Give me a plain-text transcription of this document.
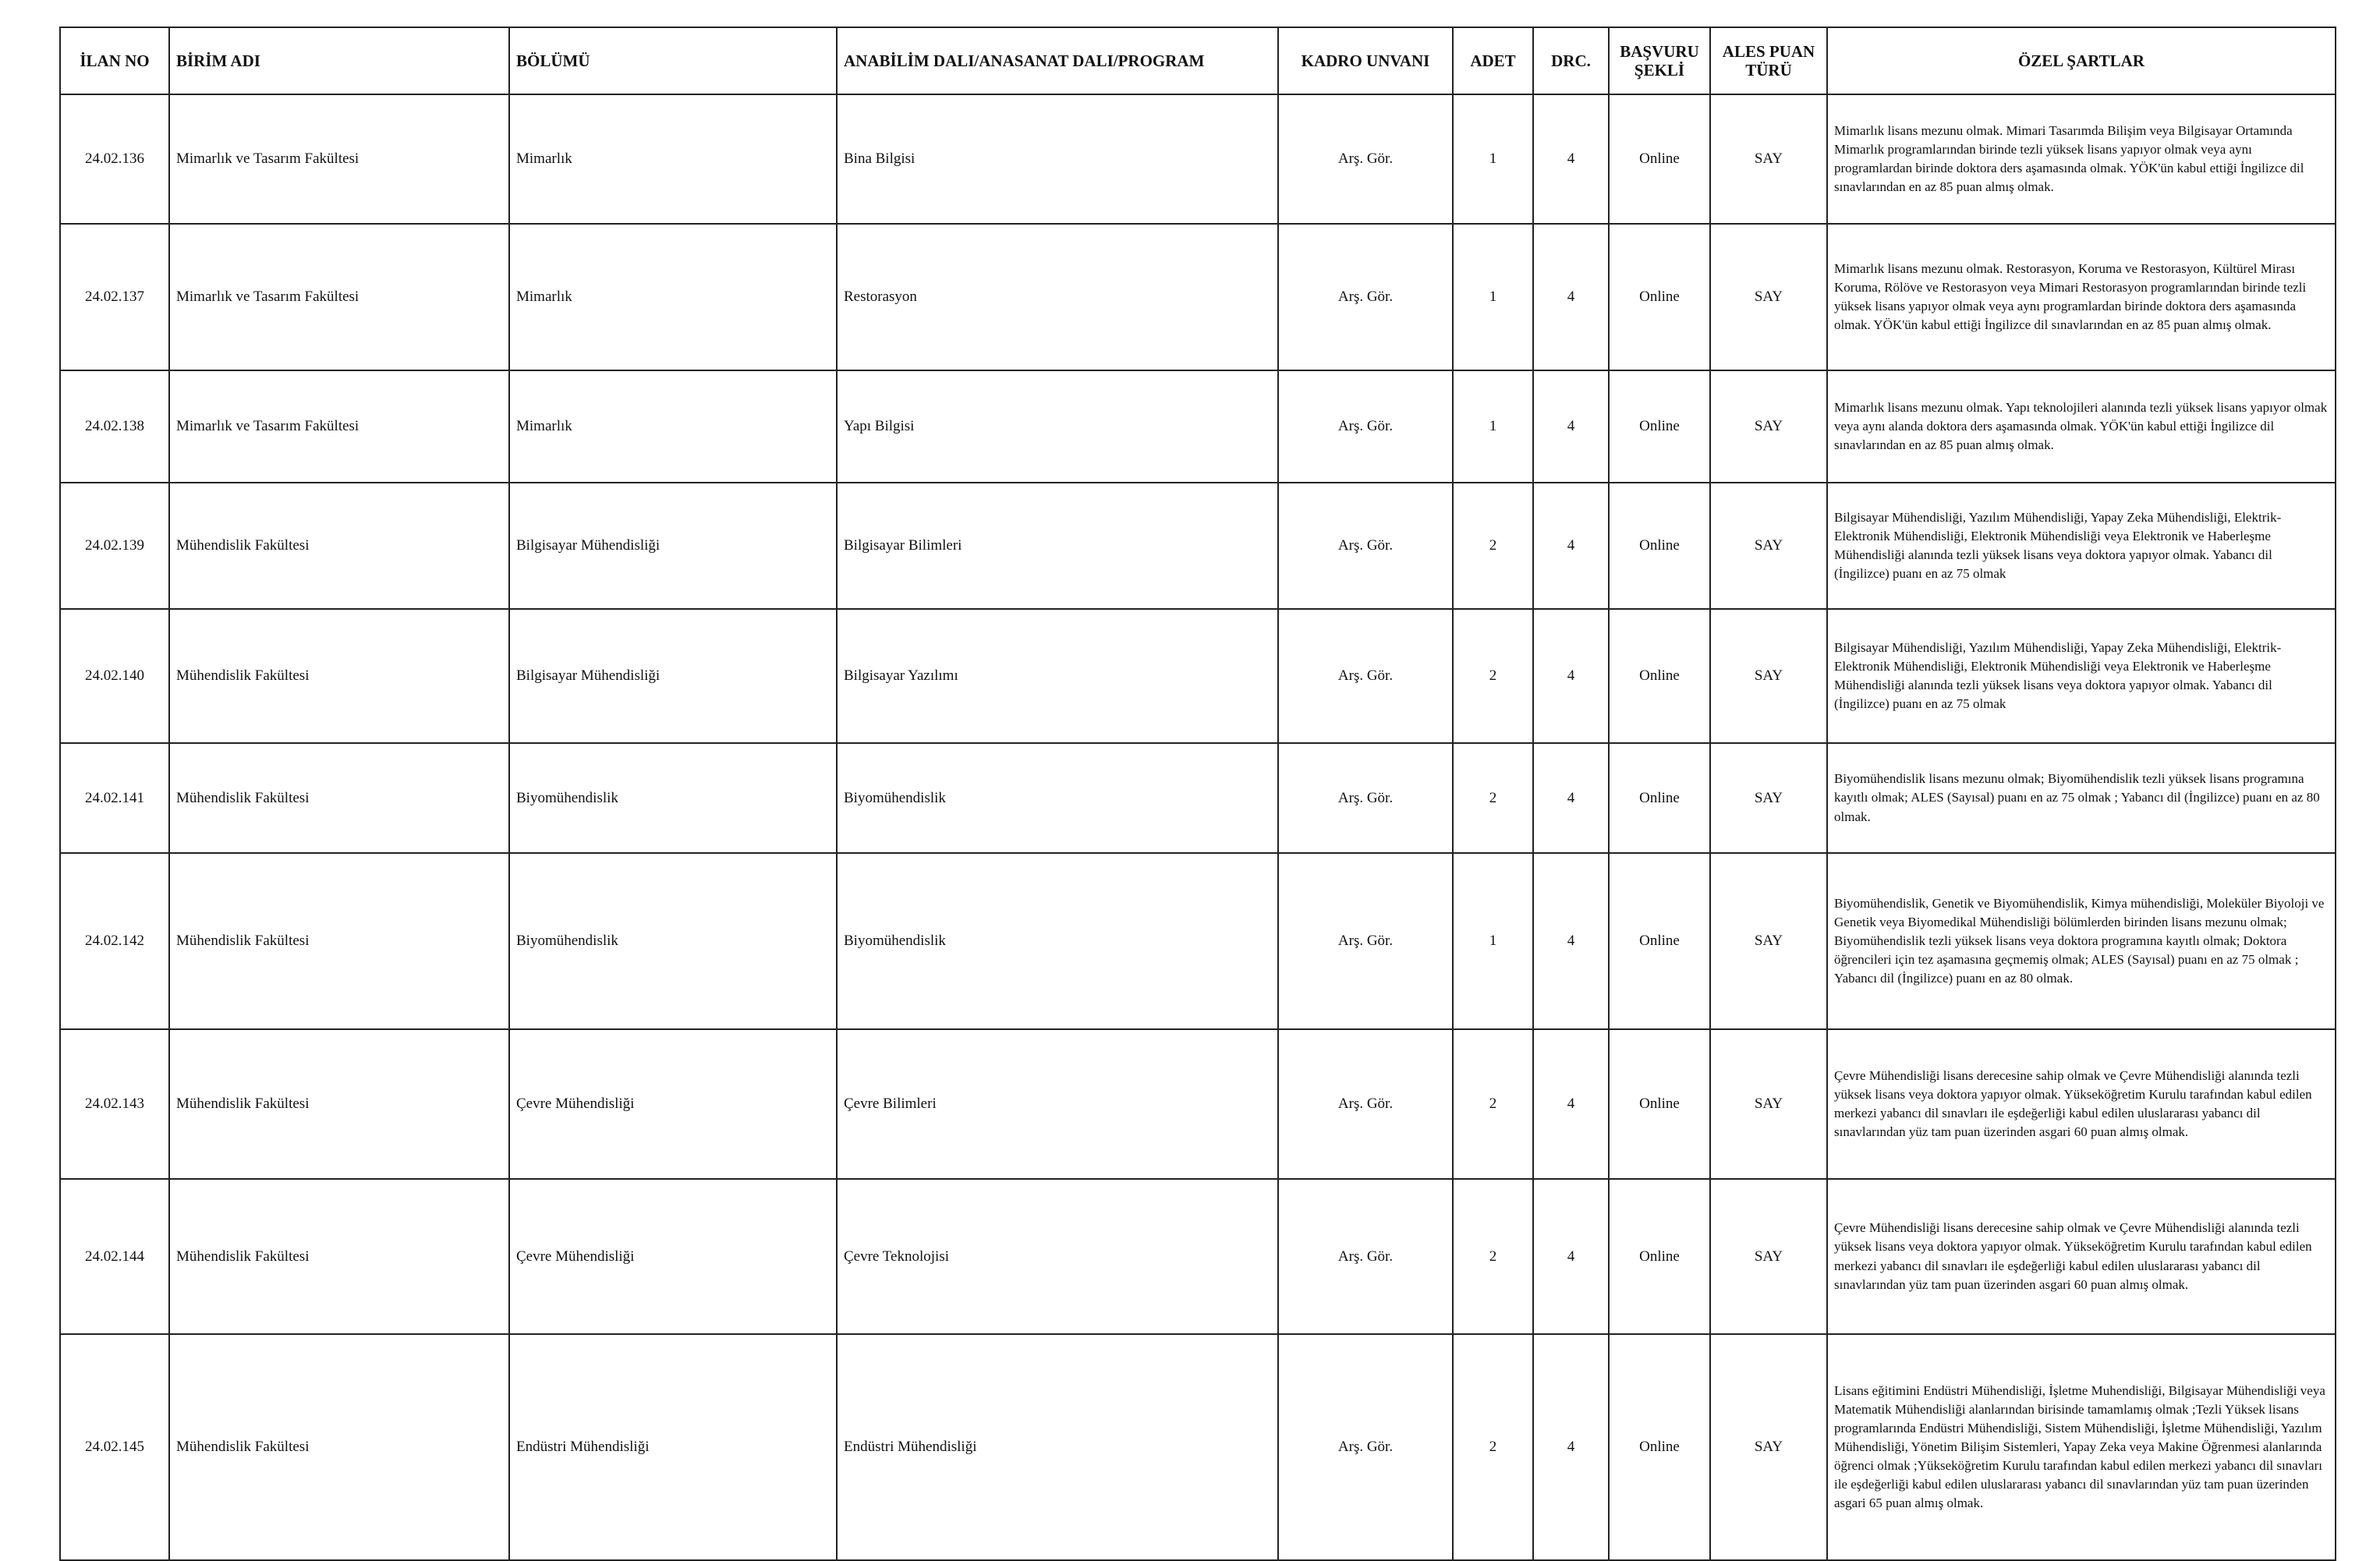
İLAN NO	BİRİM ADI	BÖLÜMÜ	ANABİLİM DALI/ANASANAT DALI/PROGRAM	KADRO UNVANI	ADET	DRC.	BAŞVURU ŞEKLİ	ALES PUAN TÜRÜ	ÖZEL ŞARTLAR
24.02.136	Mimarlık ve Tasarım Fakültesi	Mimarlık	Bina Bilgisi	Arş. Gör.	1	4	Online	SAY	Mimarlık lisans mezunu olmak. Mimari Tasarımda Bilişim veya Bilgisayar Ortamında Mimarlık programlarından birinde tezli yüksek lisans yapıyor olmak veya aynı programlardan birinde doktora ders aşamasında olmak. YÖK'ün kabul ettiği İngilizce dil sınavlarından en az 85 puan almış olmak.
24.02.137	Mimarlık ve Tasarım Fakültesi	Mimarlık	Restorasyon	Arş. Gör.	1	4	Online	SAY	Mimarlık lisans mezunu olmak. Restorasyon, Koruma ve Restorasyon, Kültürel Mirası Koruma, Rölöve ve Restorasyon veya Mimari Restorasyon programlarından birinde tezli yüksek lisans yapıyor olmak veya aynı programlardan birinde doktora ders aşamasında olmak. YÖK'ün kabul ettiği İngilizce dil sınavlarından en az 85 puan almış olmak.
24.02.138	Mimarlık ve Tasarım Fakültesi	Mimarlık	Yapı Bilgisi	Arş. Gör.	1	4	Online	SAY	Mimarlık lisans mezunu olmak. Yapı teknolojileri alanında tezli yüksek lisans yapıyor olmak veya aynı alanda doktora ders aşamasında olmak. YÖK'ün kabul ettiği İngilizce dil sınavlarından en az 85 puan almış olmak.
24.02.139	Mühendislik Fakültesi	Bilgisayar Mühendisliği	Bilgisayar Bilimleri	Arş. Gör.	2	4	Online	SAY	Bilgisayar Mühendisliği, Yazılım Mühendisliği, Yapay Zeka Mühendisliği, Elektrik-Elektronik Mühendisliği, Elektronik Mühendisliği veya Elektronik ve Haberleşme Mühendisliği alanında tezli yüksek lisans veya doktora yapıyor olmak. Yabancı dil (İngilizce) puanı en az 75 olmak
24.02.140	Mühendislik Fakültesi	Bilgisayar Mühendisliği	Bilgisayar Yazılımı	Arş. Gör.	2	4	Online	SAY	Bilgisayar Mühendisliği, Yazılım Mühendisliği, Yapay Zeka Mühendisliği, Elektrik-Elektronik Mühendisliği, Elektronik Mühendisliği veya Elektronik ve Haberleşme Mühendisliği alanında tezli yüksek lisans veya doktora yapıyor olmak. Yabancı dil (İngilizce) puanı en az 75 olmak
24.02.141	Mühendislik Fakültesi	Biyomühendislik	Biyomühendislik	Arş. Gör.	2	4	Online	SAY	Biyomühendislik lisans mezunu olmak; Biyomühendislik tezli yüksek lisans programına kayıtlı olmak; ALES (Sayısal) puanı en az 75 olmak ; Yabancı dil (İngilizce) puanı en az 80 olmak.
24.02.142	Mühendislik Fakültesi	Biyomühendislik	Biyomühendislik	Arş. Gör.	1	4	Online	SAY	Biyomühendislik, Genetik ve Biyomühendislik, Kimya mühendisliği, Moleküler Biyoloji ve Genetik veya Biyomedikal Mühendisliği bölümlerden birinden lisans mezunu olmak; Biyomühendislik tezli yüksek lisans veya doktora programına kayıtlı olmak; Doktora öğrencileri için tez aşamasına geçmemiş olmak; ALES (Sayısal) puanı en az 75 olmak ; Yabancı dil (İngilizce) puanı en az 80 olmak.
24.02.143	Mühendislik Fakültesi	Çevre Mühendisliği	Çevre Bilimleri	Arş. Gör.	2	4	Online	SAY	Çevre Mühendisliği lisans derecesine sahip olmak ve Çevre Mühendisliği alanında tezli yüksek lisans veya doktora yapıyor olmak. Yükseköğretim Kurulu tarafından kabul edilen merkezi yabancı dil sınavları ile eşdeğerliği kabul edilen uluslararası yabancı dil sınavlarından yüz tam puan üzerinden asgari 60 puan almış olmak.
24.02.144	Mühendislik Fakültesi	Çevre Mühendisliği	Çevre Teknolojisi	Arş. Gör.	2	4	Online	SAY	Çevre Mühendisliği lisans derecesine sahip olmak ve Çevre Mühendisliği alanında tezli yüksek lisans veya doktora yapıyor olmak. Yükseköğretim Kurulu tarafından kabul edilen merkezi yabancı dil sınavları ile eşdeğerliği kabul edilen uluslararası yabancı dil sınavlarından yüz tam puan üzerinden asgari 60 puan almış olmak.
24.02.145	Mühendislik Fakültesi	Endüstri Mühendisliği	Endüstri Mühendisliği	Arş. Gör.	2	4	Online	SAY	Lisans eğitimini Endüstri Mühendisliği, İşletme Muhendisliği, Bilgisayar Mühendisliği veya Matematik Mühendisliği alanlarından birisinde tamamlamış olmak ;Tezli Yüksek lisans programlarında Endüstri Mühendisliği, Sistem Mühendisliği, İşletme Mühendisliği, Yazılım Mühendisliği, Yönetim Bilişim Sistemleri, Yapay Zeka veya Makine Öğrenmesi alanlarında öğrenci olmak ;Yükseköğretim Kurulu tarafından kabul edilen merkezi yabancı dil sınavları ile eşdeğerliği kabul edilen uluslararası yabancı dil sınavlarından yüz tam puan üzerinden asgari 65 puan almış olmak.
